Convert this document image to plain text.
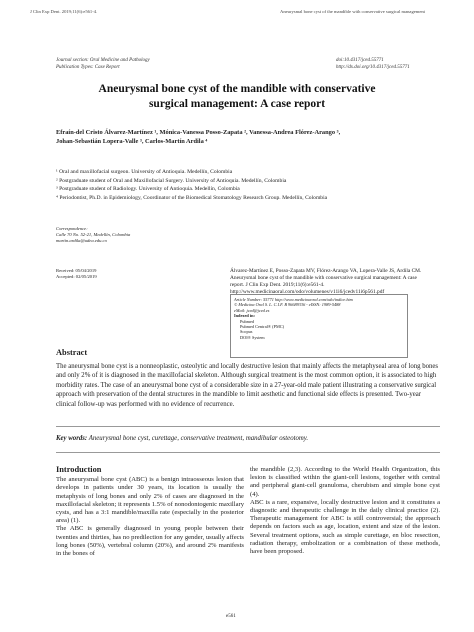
J Clin Exp Dent. 2019;11(6):e561-4.	Aneurysmal bone cyst of the mandible with conservative surgical management
Journal section: Oral Medicine and Pathology
Publication Types: Case Report
doi:10.4317/jced.55771
http://dx.doi.org/10.4317/jced.55771
Aneurysmal bone cyst of the mandible with conservative
surgical management: A case report
Efraín-del Cristo Álvarez-Martínez ¹, Mónica-Vanessa Posso-Zapata ², Vanessa-Andrea Flórez-Arango ³,
Johan-Sebastián Lopera-Valle ³, Carlos-Martín Ardila ⁴
¹ Oral and maxillofacial surgeon. University of Antioquia. Medellín, Colombia
² Postgraduate student of Oral and Maxillofacial Surgery. University of Antioquia. Medellín, Colombia
³ Postgraduate student of Radiology. University of Antioquia. Medellín, Colombia
⁴ Periodontist, Ph.D. in Epidemiology, Coordinator of the Biomedical Stomatology Research Group. Medellín, Colombia
Correspondence:
Calle 70 No. 52-21, Medellín, Colombia
martin.ardila@udea.edu.co
Received: 05/04/2019
Accepted: 02/05/2019
Álvarez-Martínez E, Posso-Zapata MV, Flórez-Arango VA, Lopera-Valle JS, Ardila CM. Aneurysmal bone cyst of the mandible with conservative surgical management: A case report. J Clin Exp Dent. 2019;11(6):e561-4. http://www.medicinaoral.com/odo/volumenes/v11i6/jcedv11i6p561.pdf
Article Number: 55771 http://www.medicinaoral.com/odo/indice.htm
© Medicina Oral S. L. C.I.F. B 96689336 - eISSN: 1989-5488
eMail: jced@jced.es
Indexed in:
Pubmed
Pubmed Central® (PMC)
Scopus
DOI® System
Abstract

The aneurysmal bone cyst is a nonneoplastic, osteolytic and locally destructive lesion that mainly affects the metaphyseal area of long bones and only 2% of it is diagnosed in the maxillofacial skeleton. Although surgical treatment is the most common option, it is associated to high morbidity rates. The case of an aneurysmal bone cyst of a considerable size in a 27-year-old male patient illustrating a conservative surgical approach with preservation of the dental structures in the mandible to limit aesthetic and functional side effects is presented. Two-year clinical follow-up was performed with no evidence of recurrence.

Key words: Aneurysmal bone cyst, curettage, conservative treatment, mandibular osteotomy.
Introduction

The aneurysmal bone cyst (ABC) is a benign intraosseous lesion that develops in patients under 30 years, its location is usually the metaphysis of long bones and only 2% of cases are diagnosed in the maxillofacial skeleton; it represents 1.5% of nonodontogenic maxillary cysts, and has a 3:1 mandible/maxilla rate (especially in the posterior area) (1).

The ABC is generally diagnosed in young people between their twenties and thirties, has no predilection for any gender, usually affects long bones (50%), vertebral column (20%), and around 2% manifests in the bones of

the mandible (2,3). According to the World Health Organization, this lesion is classified within the giant-cell lesions, together with central and peripheral giant-cell granuloma, cherubism and simple bone cyst (4).

ABC is a rare, expansive, locally destructive lesion and it constitutes a diagnostic and therapeutic challenge in the daily clinical practice (2). Therapeutic management for ABC is still controversial; the approach depends on factors such as age, location, extent and size of the lesion. Several treatment options, such as simple curettage, en bloc resection, radiation therapy, embolization or a combination of these methods, have been proposed.

e561
